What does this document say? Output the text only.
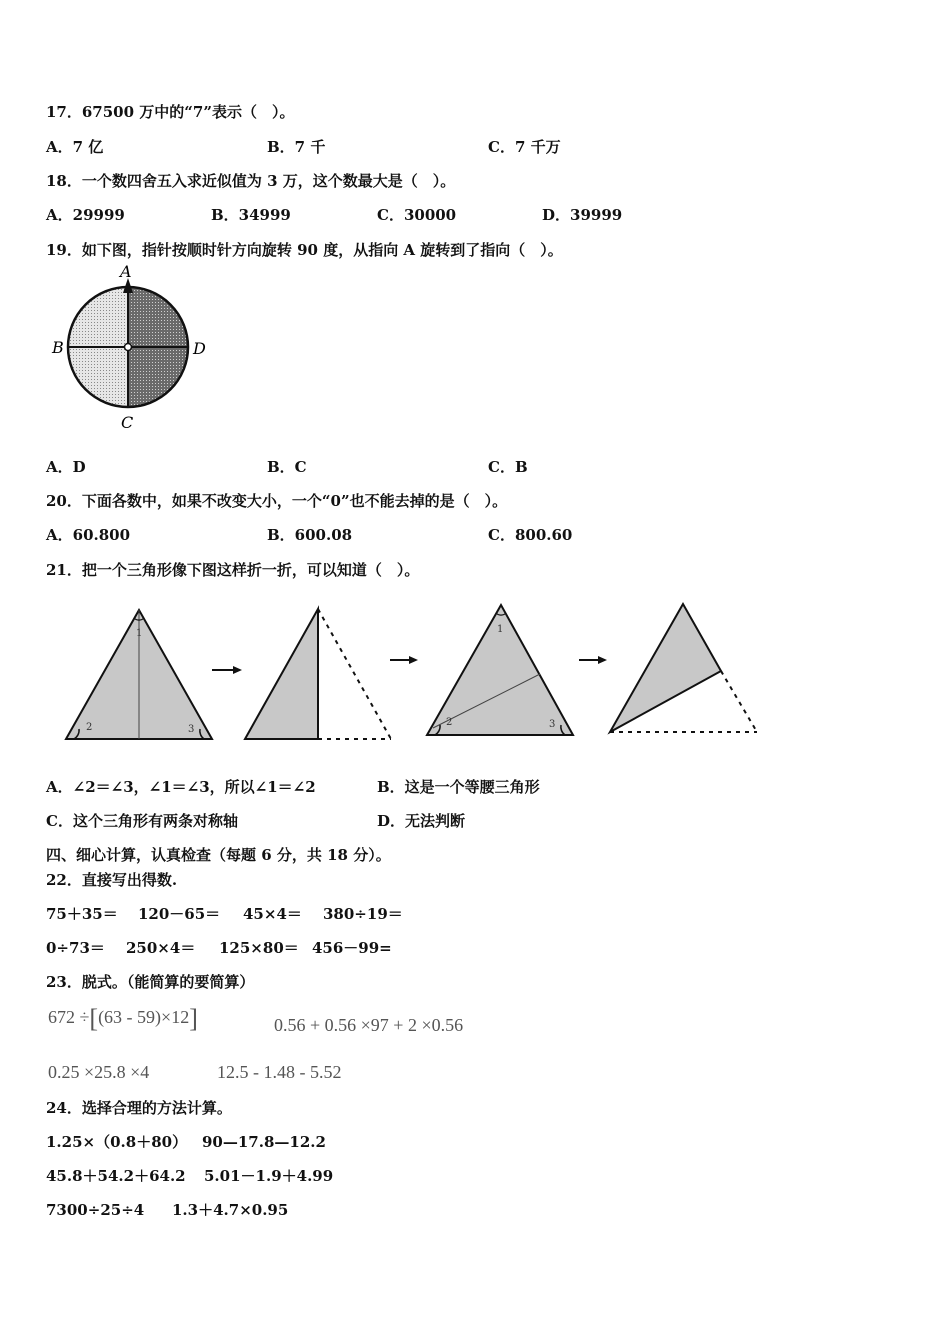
17．67500 万中的“7”表示（　）。
A．7 亿	B．7 千	C．7 千万
18．一个数四舍五入求近似值为 3 万，这个数最大是（　）。
A．29999	B．34999	C．30000	D．39999
19．如下图，指针按顺时针方向旋转 90 度，从指向 A 旋转到了指向（　）。
A
B	D
C
A．D	B．C	C．B
20．下面各数中，如果不改变大小，一个“0”也不能去掉的是（　）。
A．60.800	B．600.08	C．800.60
21．把一个三角形像下图这样折一折，可以知道（　）。
1
2	3
1
2	3
A．∠2＝∠3，∠1＝∠3，所以∠1＝∠2	B．这是一个等腰三角形
C．这个三角形有两条对称轴	D．无法判断
四、细心计算，认真检查（每题 6 分，共 18 分）。
22．直接写出得数.
75＋35＝ 120－65＝ 45×4＝ 380÷19＝
0÷73＝ 250×4＝ 125×80＝ 456－99=
23．脱式。（能简算的要简算）
672 ÷[(63 - 59)×12]	0.56 + 0.56 ×97 + 2 ×0.56
0.25 ×25.8 ×4	12.5 - 1.48 - 5.52
24．选择合理的方法计算。
1.25×（0.8＋80） 90—17.8—12.2
45.8＋54.2＋64.2 5.01－1.9＋4.99
7300÷25÷4 1.3＋4.7×0.95
